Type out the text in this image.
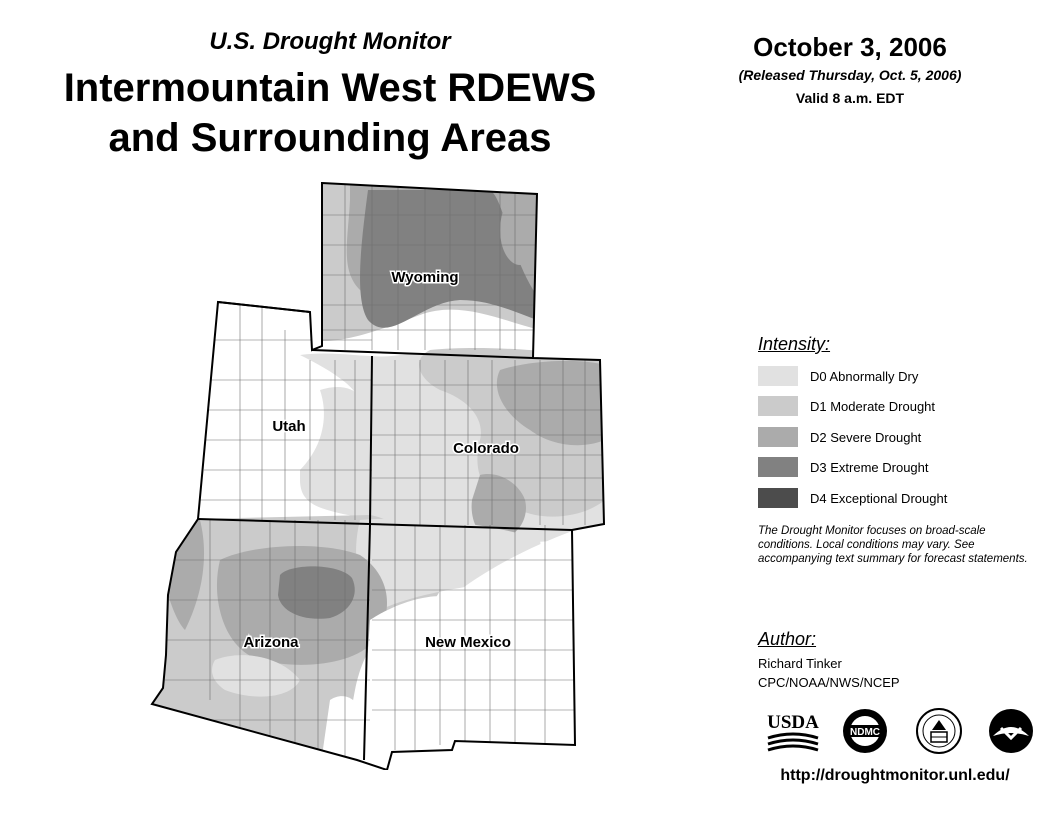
U.S. Drought Monitor
Intermountain West RDEWS
and Surrounding Areas
October 3, 2006
(Released Thursday, Oct. 5, 2006)
Valid 8 a.m. EDT
Wyoming
Utah
Colorado
Arizona	New Mexico
Intensity:
D0 Abnormally Dry
D1 Moderate Drought
D2 Severe Drought
D3 Extreme Drought
D4 Exceptional Drought
The Drought Monitor focuses on broad-scale conditions. Local conditions may vary. See accompanying text summary for forecast statements.
Author:
Richard Tinker
CPC/NOAA/NWS/NCEP
USDA	NDMC
http://droughtmonitor.unl.edu/
